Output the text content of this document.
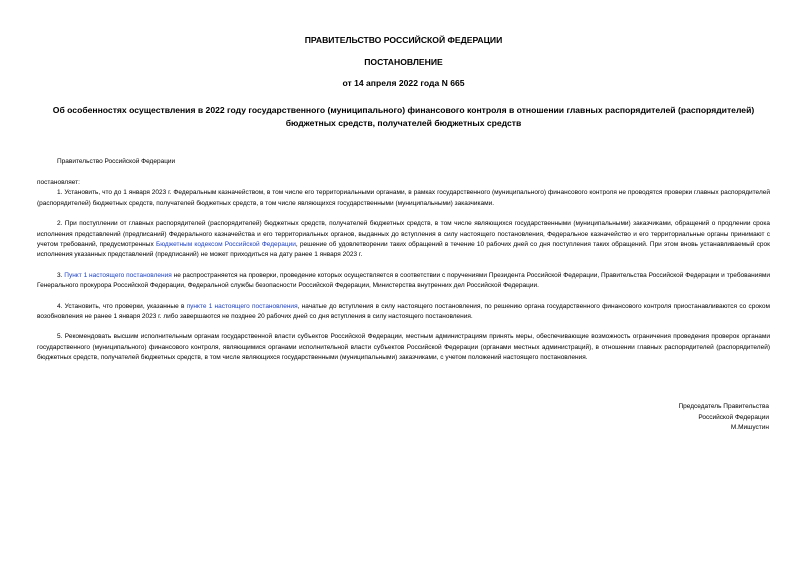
ПРАВИТЕЛЬСТВО РОССИЙСКОЙ ФЕДЕРАЦИИ
ПОСТАНОВЛЕНИЕ
от 14 апреля 2022 года N 665
Об особенностях осуществления в 2022 году государственного (муниципального) финансового контроля в отношении главных распорядителей (распорядителей) бюджетных средств, получателей бюджетных средств

Правительство Российской Федерации

постановляет:

1. Установить, что до 1 января 2023 г. Федеральным казначейством, в том числе его территориальными органами, в рамках государственного (муниципального) финансового контроля не проводятся проверки главных распорядителей (распорядителей) бюджетных средств, получателей бюджетных средств, в том числе являющихся государственными (муниципальными) заказчиками.

2. При поступлении от главных распорядителей (распорядителей) бюджетных средств, получателей бюджетных средств, в том числе являющихся государственными (муниципальными) заказчиками, обращений о продлении срока исполнения представлений (предписаний) Федерального казначейства и его территориальных органов, выданных до вступления в силу настоящего постановления, Федеральное казначейство и его территориальные органы принимают с учетом требований, предусмотренных Бюджетным кодексом Российской Федерации, решение об удовлетворении таких обращений в течение 10 рабочих дней со дня поступления таких обращений. При этом вновь устанавливаемый срок исполнения указанных представлений (предписаний) не может приходиться на дату ранее 1 января 2023 г.

3. Пункт 1 настоящего постановления не распространяется на проверки, проведение которых осуществляется в соответствии с поручениями Президента Российской Федерации, Правительства Российской Федерации и требованиями Генерального прокурора Российской Федерации, Федеральной службы безопасности Российской Федерации, Министерства внутренних дел Российской Федерации.

4. Установить, что проверки, указанные в пункте 1 настоящего постановления, начатые до вступления в силу настоящего постановления, по решению органа государственного финансового контроля приостанавливаются со сроком возобновления не ранее 1 января 2023 г. либо завершаются не позднее 20 рабочих дней со дня вступления в силу настоящего постановления.

5. Рекомендовать высшим исполнительным органам государственной власти субъектов Российской Федерации, местным администрациям принять меры, обеспечивающие возможность ограничения проведения проверок органами государственного (муниципального) финансового контроля, являющимися органами исполнительной власти субъектов Российской Федерации (органами местных администраций), в отношении главных распорядителей (распорядителей) бюджетных средств, получателей бюджетных средств, в том числе являющихся государственными (муниципальными) заказчиками, с учетом положений настоящего постановления.

Председатель Правительства
Российской Федерации
М.Мишустин
